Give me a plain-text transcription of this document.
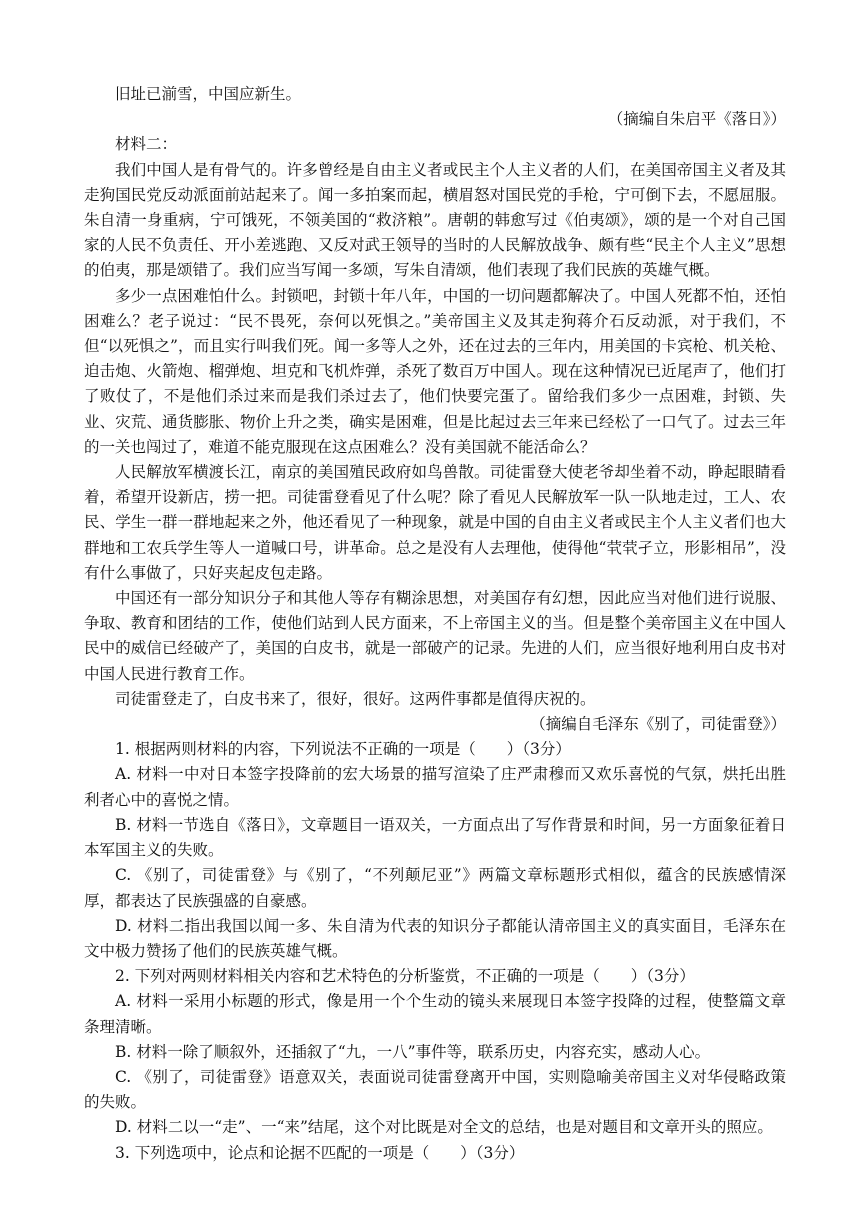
旧址已湔雪，中国应新生。

（摘编自朱启平《落日》）

材料二：

我们中国人是有骨气的。许多曾经是自由主义者或民主个人主义者的人们，在美国帝国主义者及其走狗国民党反动派面前站起来了。闻一多拍案而起，横眉怒对国民党的手枪，宁可倒下去，不愿屈服。朱自清一身重病，宁可饿死，不领美国的“救济粮”。唐朝的韩愈写过《伯夷颂》，颂的是一个对自己国家的人民不负责任、开小差逃跑、又反对武王领导的当时的人民解放战争、颇有些“民主个人主义”思想的伯夷，那是颂错了。我们应当写闻一多颂，写朱自清颂，他们表现了我们民族的英雄气概。

多少一点困难怕什么。封锁吧，封锁十年八年，中国的一切问题都解决了。中国人死都不怕，还怕困难么？老子说过：“民不畏死，奈何以死惧之。”美帝国主义及其走狗蒋介石反动派，对于我们，不但“以死惧之”，而且实行叫我们死。闻一多等人之外，还在过去的三年内，用美国的卡宾枪、机关枪、迫击炮、火箭炮、榴弹炮、坦克和飞机炸弹，杀死了数百万中国人。现在这种情况已近尾声了，他们打了败仗了，不是他们杀过来而是我们杀过去了，他们快要完蛋了。留给我们多少一点困难，封锁、失业、灾荒、通货膨胀、物价上升之类，确实是困难，但是比起过去三年来已经松了一口气了。过去三年的一关也闯过了，难道不能克服现在这点困难么？没有美国就不能活命么？

人民解放军横渡长江，南京的美国殖民政府如鸟兽散。司徒雷登大使老爷却坐着不动，睁起眼睛看着，希望开设新店，捞一把。司徒雷登看见了什么呢？除了看见人民解放军一队一队地走过，工人、农民、学生一群一群地起来之外，他还看见了一种现象，就是中国的自由主义者或民主个人主义者们也大群地和工农兵学生等人一道喊口号，讲革命。总之是没有人去理他，使得他“茕茕孑立，形影相吊”，没有什么事做了，只好夹起皮包走路。

中国还有一部分知识分子和其他人等存有糊涂思想，对美国存有幻想，因此应当对他们进行说服、争取、教育和团结的工作，使他们站到人民方面来，不上帝国主义的当。但是整个美帝国主义在中国人民中的威信已经破产了，美国的白皮书，就是一部破产的记录。先进的人们，应当很好地利用白皮书对中国人民进行教育工作。

司徒雷登走了，白皮书来了，很好，很好。这两件事都是值得庆祝的。

（摘编自毛泽东《别了，司徒雷登》）

1. 根据两则材料的内容，下列说法不正确的一项是（　　）（3分）

A. 材料一中对日本签字投降前的宏大场景的描写渲染了庄严肃穆而又欢乐喜悦的气氛，烘托出胜利者心中的喜悦之情。

B. 材料一节选自《落日》，文章题目一语双关，一方面点出了写作背景和时间，另一方面象征着日本军国主义的失败。

C. 《别了，司徒雷登》与《别了，“不列颠尼亚”》两篇文章标题形式相似，蕴含的民族感情深厚，都表达了民族强盛的自豪感。

D. 材料二指出我国以闻一多、朱自清为代表的知识分子都能认清帝国主义的真实面目，毛泽东在文中极力赞扬了他们的民族英雄气概。

2. 下列对两则材料相关内容和艺术特色的分析鉴赏，不正确的一项是（　　）（3分）

A. 材料一采用小标题的形式，像是用一个个生动的镜头来展现日本签字投降的过程，使整篇文章条理清晰。

B. 材料一除了顺叙外，还插叙了“九，一八”事件等，联系历史，内容充实，感动人心。

C. 《别了，司徒雷登》语意双关，表面说司徒雷登离开中国，实则隐喻美帝国主义对华侵略政策的失败。

D. 材料二以一“走”、一“来”结尾，这个对比既是对全文的总结，也是对题目和文章开头的照应。

3. 下列选项中，论点和论据不匹配的一项是（　　）（3分）
